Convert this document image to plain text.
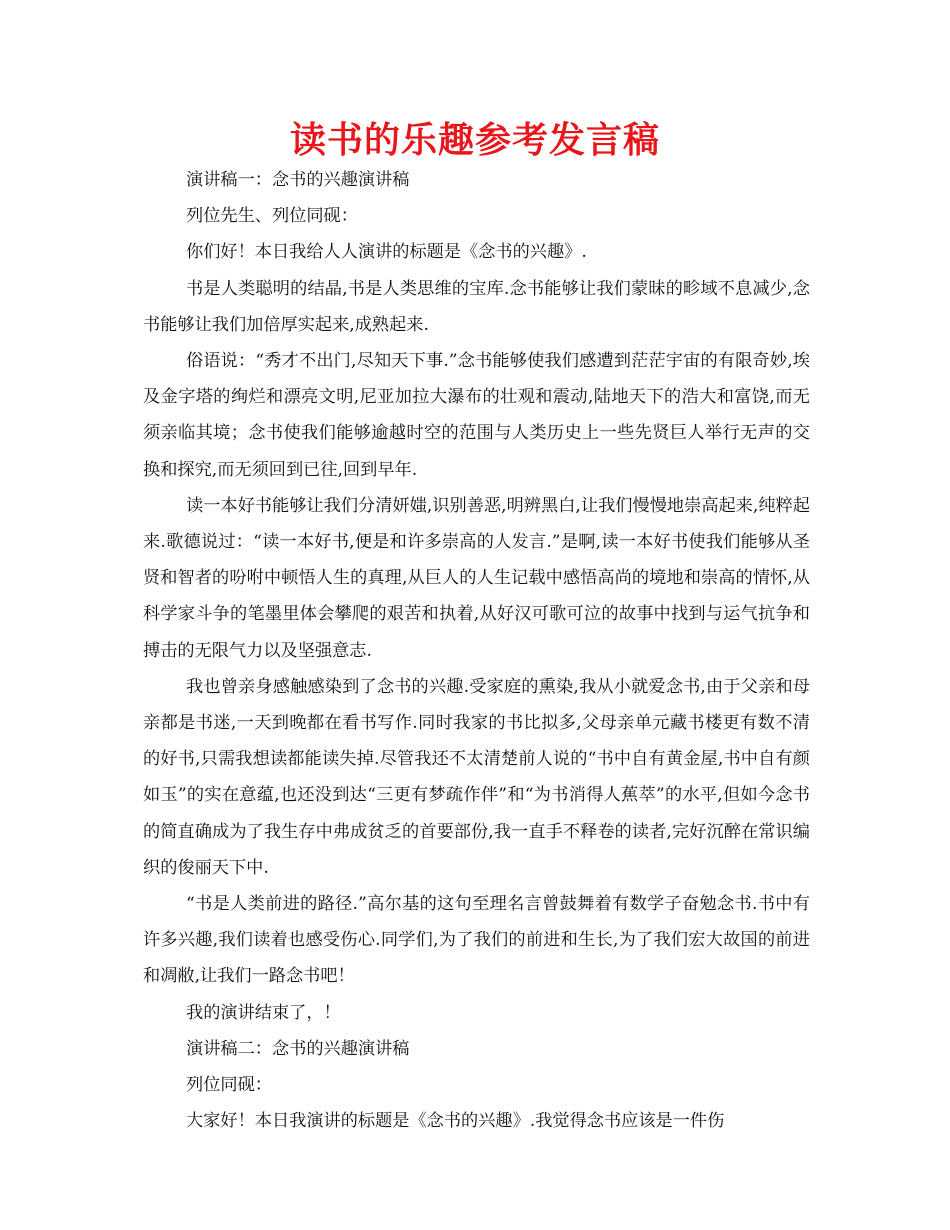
读书的乐趣参考发言稿

演讲稿一：念书的兴趣演讲稿

列位先生、列位同砚：

你们好！本日我给人人演讲的标题是《念书的兴趣》.

书是人类聪明的结晶,书是人类思维的宝库.念书能够让我们蒙昧的畛域不息减少,念书能够让我们加倍厚实起来,成熟起来.

俗语说：“秀才不出门,尽知天下事.”念书能够使我们感遭到茫茫宇宙的有限奇妙,埃及金字塔的绚烂和漂亮文明,尼亚加拉大瀑布的壮观和震动,陆地天下的浩大和富饶,而无须亲临其境；念书使我们能够逾越时空的范围与人类历史上一些先贤巨人举行无声的交换和探究,而无须回到已往,回到早年.

读一本好书能够让我们分清妍媸,识别善恶,明辨黑白,让我们慢慢地崇高起来,纯粹起来.歌德说过：“读一本好书,便是和许多崇高的人发言.”是啊,读一本好书使我们能够从圣贤和智者的吩咐中顿悟人生的真理,从巨人的人生记载中感悟高尚的境地和崇高的情怀,从科学家斗争的笔墨里体会攀爬的艰苦和执着,从好汉可歌可泣的故事中找到与运气抗争和搏击的无限气力以及坚强意志.

我也曾亲身感触感染到了念书的兴趣.受家庭的熏染,我从小就爱念书,由于父亲和母亲都是书迷,一天到晚都在看书写作.同时我家的书比拟多,父母亲单元藏书楼更有数不清的好书,只需我想读都能读失掉.尽管我还不太清楚前人说的“书中自有黄金屋,书中自有颜如玉”的实在意蕴,也还没到达“三更有梦疏作伴”和“为书消得人蕉萃”的水平,但如今念书的简直确成为了我生存中弗成贫乏的首要部份,我一直手不释卷的读者,完好沉醉在常识编织的俊丽天下中.

“书是人类前进的路径.”高尔基的这句至理名言曾鼓舞着有数学子奋勉念书.书中有许多兴趣,我们读着也感受伤心.同学们,为了我们的前进和生长,为了我们宏大故国的前进和凋敝,让我们一路念书吧！

我的演讲结束了，！

演讲稿二：念书的兴趣演讲稿

列位同砚：

大家好！本日我演讲的标题是《念书的兴趣》.我觉得念书应该是一件伤
